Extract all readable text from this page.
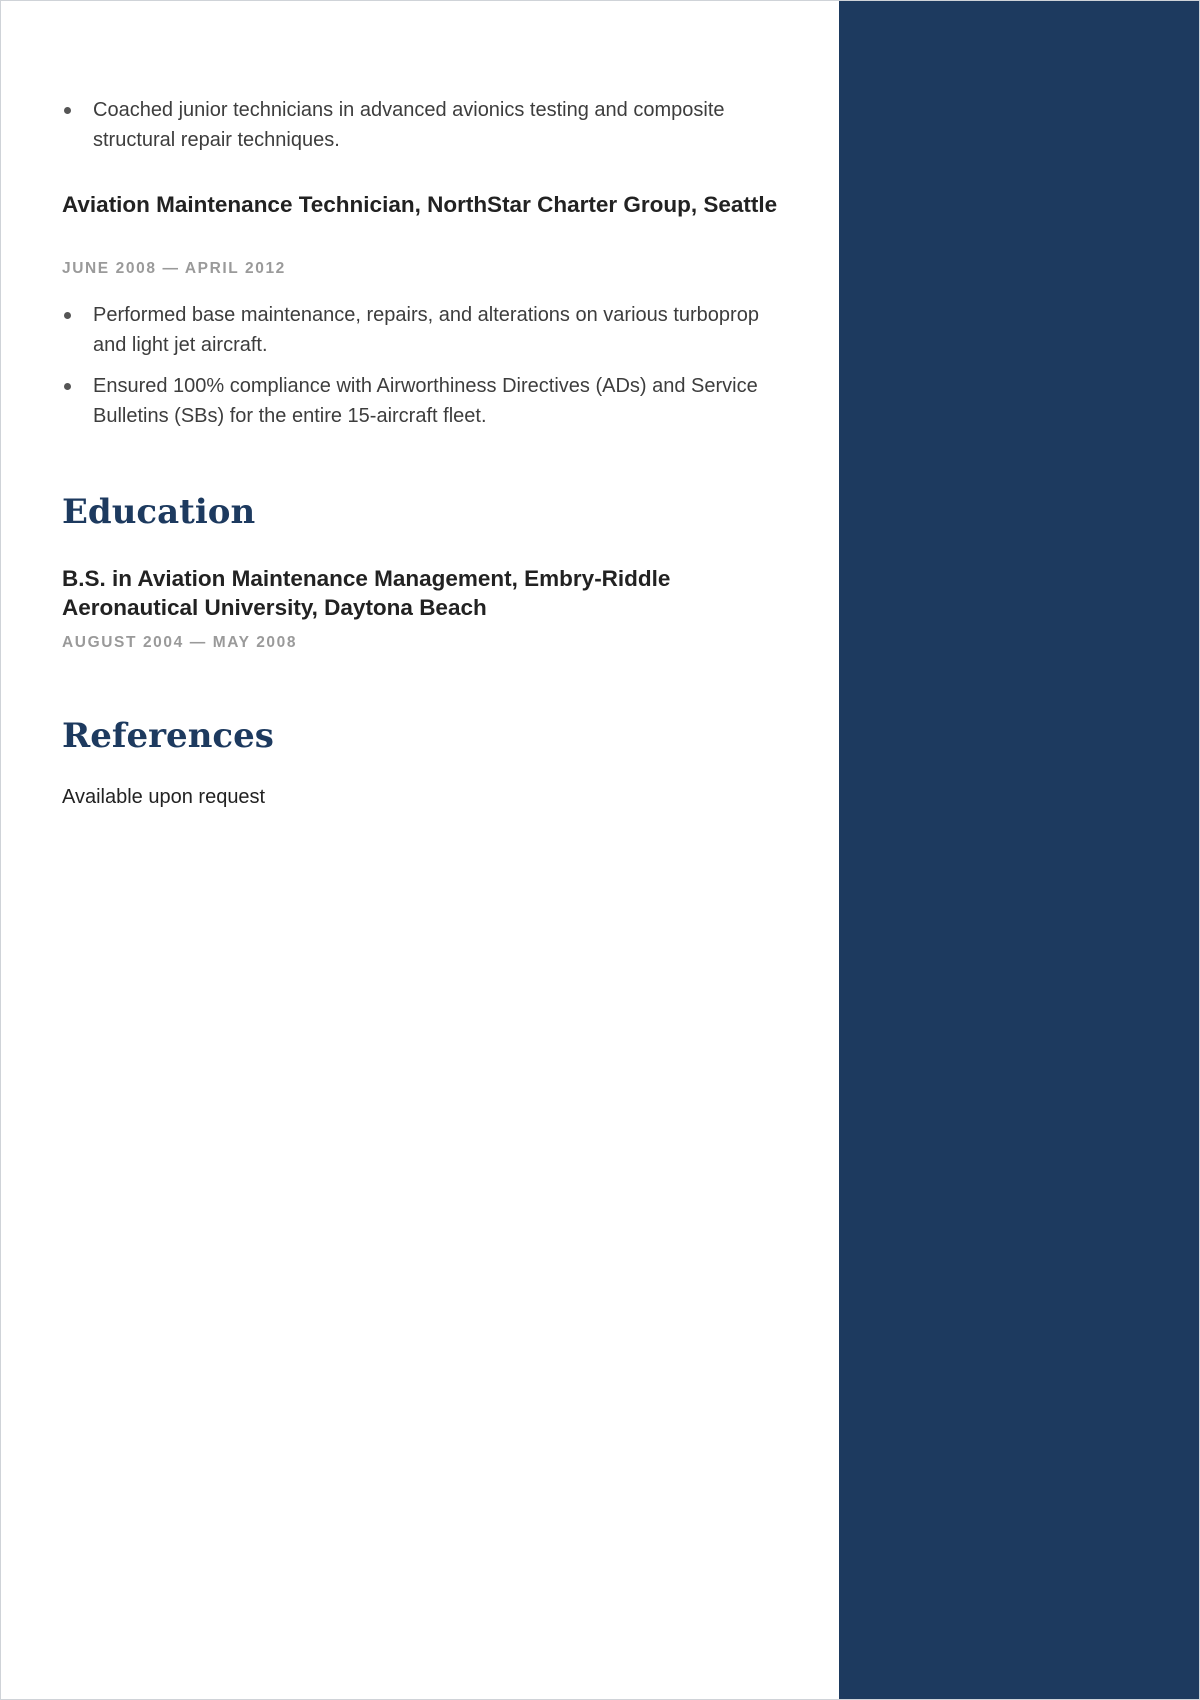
Coached junior technicians in advanced avionics testing and composite structural repair techniques.
Aviation Maintenance Technician, NorthStar Charter Group, Seattle

JUNE 2008 — APRIL 2012

Performed base maintenance, repairs, and alterations on various turboprop and light jet aircraft.
Ensured 100% compliance with Airworthiness Directives (ADs) and Service Bulletins (SBs) for the entire 15-aircraft fleet.
Education
B.S. in Aviation Maintenance Management, Embry-Riddle Aeronautical University, Daytona Beach

AUGUST 2004 — MAY 2008

References

Available upon request
